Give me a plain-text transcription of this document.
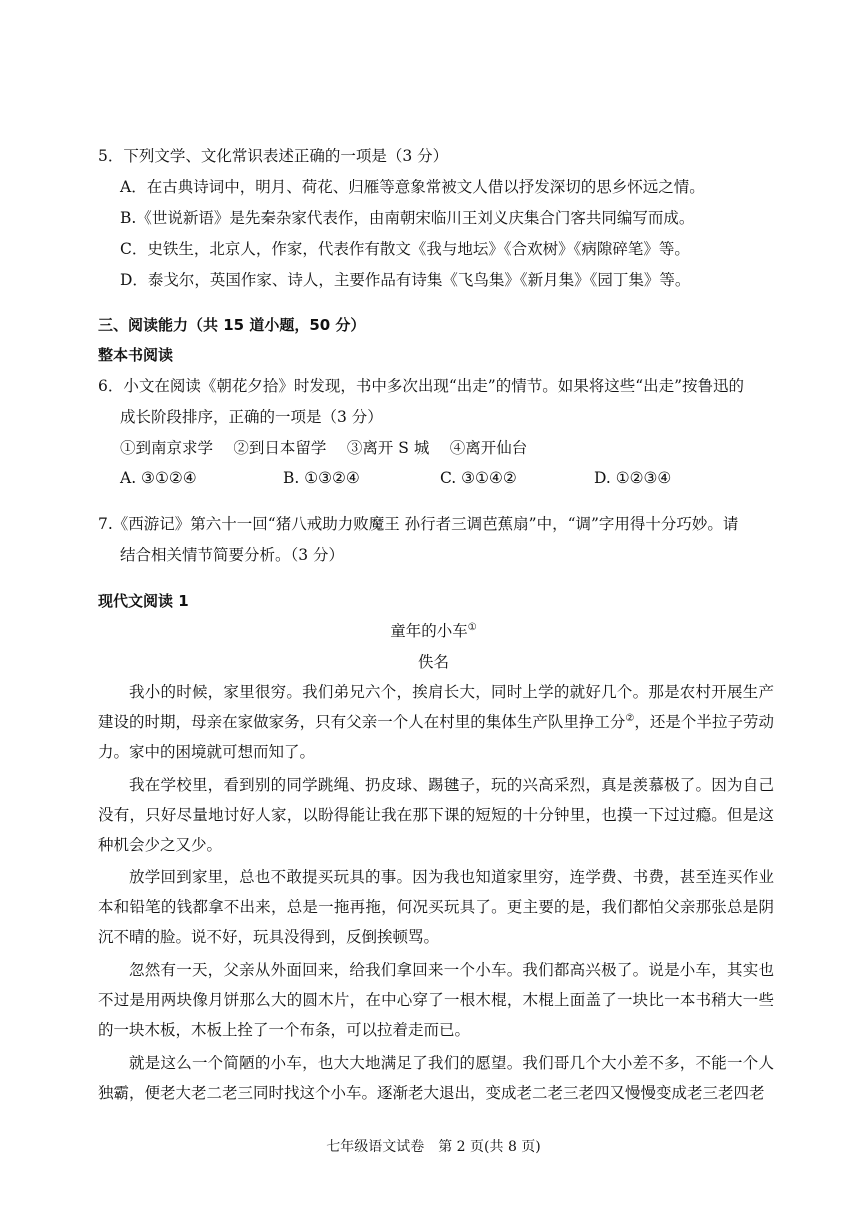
5．下列文学、文化常识表述正确的一项是（3 分）
A．在古典诗词中，明月、荷花、归雁等意象常被文人借以抒发深切的思乡怀远之情。
B.《世说新语》是先秦杂家代表作，由南朝宋临川王刘义庆集合门客共同编写而成。
C．史铁生，北京人，作家，代表作有散文《我与地坛》《合欢树》《病隙碎笔》等。
D．泰戈尔，英国作家、诗人，主要作品有诗集《飞鸟集》《新月集》《园丁集》等。
三、阅读能力（共 15 道小题，50 分）
整本书阅读
6．小文在阅读《朝花夕拾》时发现，书中多次出现“出走”的情节。如果将这些“出走”按鲁迅的
成长阶段排序，正确的一项是（3 分）
①到南京求学　 ②到日本留学　 ③离开 S 城　 ④离开仙台
A. ③①②④	B. ①③②④	C. ③①④②	D. ①②③④
7.《西游记》第六十一回“猪八戒助力败魔王 孙行者三调芭蕉扇”中，“调”字用得十分巧妙。请
结合相关情节简要分析。（3 分）
现代文阅读 1
童年的小车①
佚名
我小的时候，家里很穷。我们弟兄六个，挨肩长大，同时上学的就好几个。那是农村开展生产建设的时期，母亲在家做家务，只有父亲一个人在村里的集体生产队里挣工分②，还是个半拉子劳动力。家中的困境就可想而知了。
我在学校里，看到别的同学跳绳、扔皮球、踢毽子，玩的兴高采烈，真是羡慕极了。因为自己没有，只好尽量地讨好人家，以盼得能让我在那下课的短短的十分钟里，也摸一下过过瘾。但是这种机会少之又少。
放学回到家里，总也不敢提买玩具的事。因为我也知道家里穷，连学费、书费，甚至连买作业本和铅笔的钱都拿不出来，总是一拖再拖，何况买玩具了。更主要的是，我们都怕父亲那张总是阴沉不晴的脸。说不好，玩具没得到，反倒挨顿骂。
忽然有一天，父亲从外面回来，给我们拿回来一个小车。我们都高兴极了。说是小车，其实也不过是用两块像月饼那么大的圆木片，在中心穿了一根木棍，木棍上面盖了一块比一本书稍大一些的一块木板，木板上拴了一个布条，可以拉着走而已。
就是这么一个简陋的小车，也大大地满足了我们的愿望。我们哥几个大小差不多，不能一个人独霸，便老大老二老三同时找这个小车。逐渐老大退出，变成老二老三老四又慢慢变成老三老四老
七年级语文试卷　第 2 页(共 8 页)
